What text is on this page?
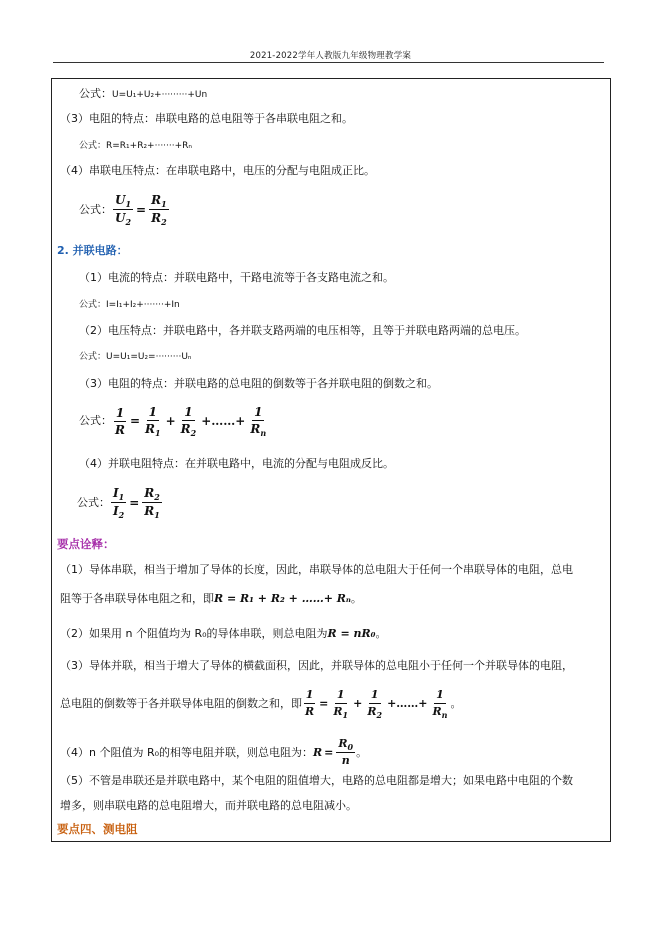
2021-2022学年人教版九年级物理教学案
公式：U=U₁+U₂+·········+Un
（3）电阻的特点：串联电路的总电阻等于各串联电阻之和。
公式：R=R₁+R₂+·······+Rₙ
（4）串联电压特点：在串联电路中，电压的分配与电阻成正比。
公式： $\frac{U_1}{U_2} = \frac{R_1}{R_2}$
2. 并联电路：
（1）电流的特点：并联电路中，干路电流等于各支路电流之和。
公式：I=I₁+I₂+·······+In
（2）电压特点：并联电路中，各并联支路两端的电压相等，且等于并联电路两端的总电压。
公式：U=U₁=U₂=·········Uₙ
（3）电阻的特点：并联电路的总电阻的倒数等于各并联电阻的倒数之和。
公式： $\frac{1}{R} = \frac{1}{R_1} + \frac{1}{R_2}$ +……+ $\frac{1}{R_n}$
（4）并联电阻特点：在并联电路中，电流的分配与电阻成反比。
公式： $\frac{I_1}{I_2} = \frac{R_2}{R_1}$
要点诠释：
（1）导体串联，相当于增加了导体的长度，因此，串联导体的总电阻大于任何一个串联导体的电阻，总电
阻等于各串联导体电阻之和，即R = R₁ + R₂ + ……+ Rₙ。
（2）如果用 n 个阻值均为 R₀的导体串联，则总电阻为R = nR₀。
（3）导体并联，相当于增大了导体的横截面积，因此，并联导体的总电阻小于任何一个并联导体的电阻，
总电阻的倒数等于各并联导体电阻的倒数之和，即 $\frac{1}{R} = \frac{1}{R_1} + \frac{1}{R_2}$ +……+ $\frac{1}{R_n}$ 。
（4）n 个阻值为 R₀的相等电阻并联，则总电阻为： $R = \frac{R_0}{n}$ 。
（5）不管是串联还是并联电路中，某个电阻的阻值增大，电路的总电阻都是增大；如果电路中电阻的个数
增多，则串联电路的总电阻增大，而并联电路的总电阻减小。
要点四、测电阻
